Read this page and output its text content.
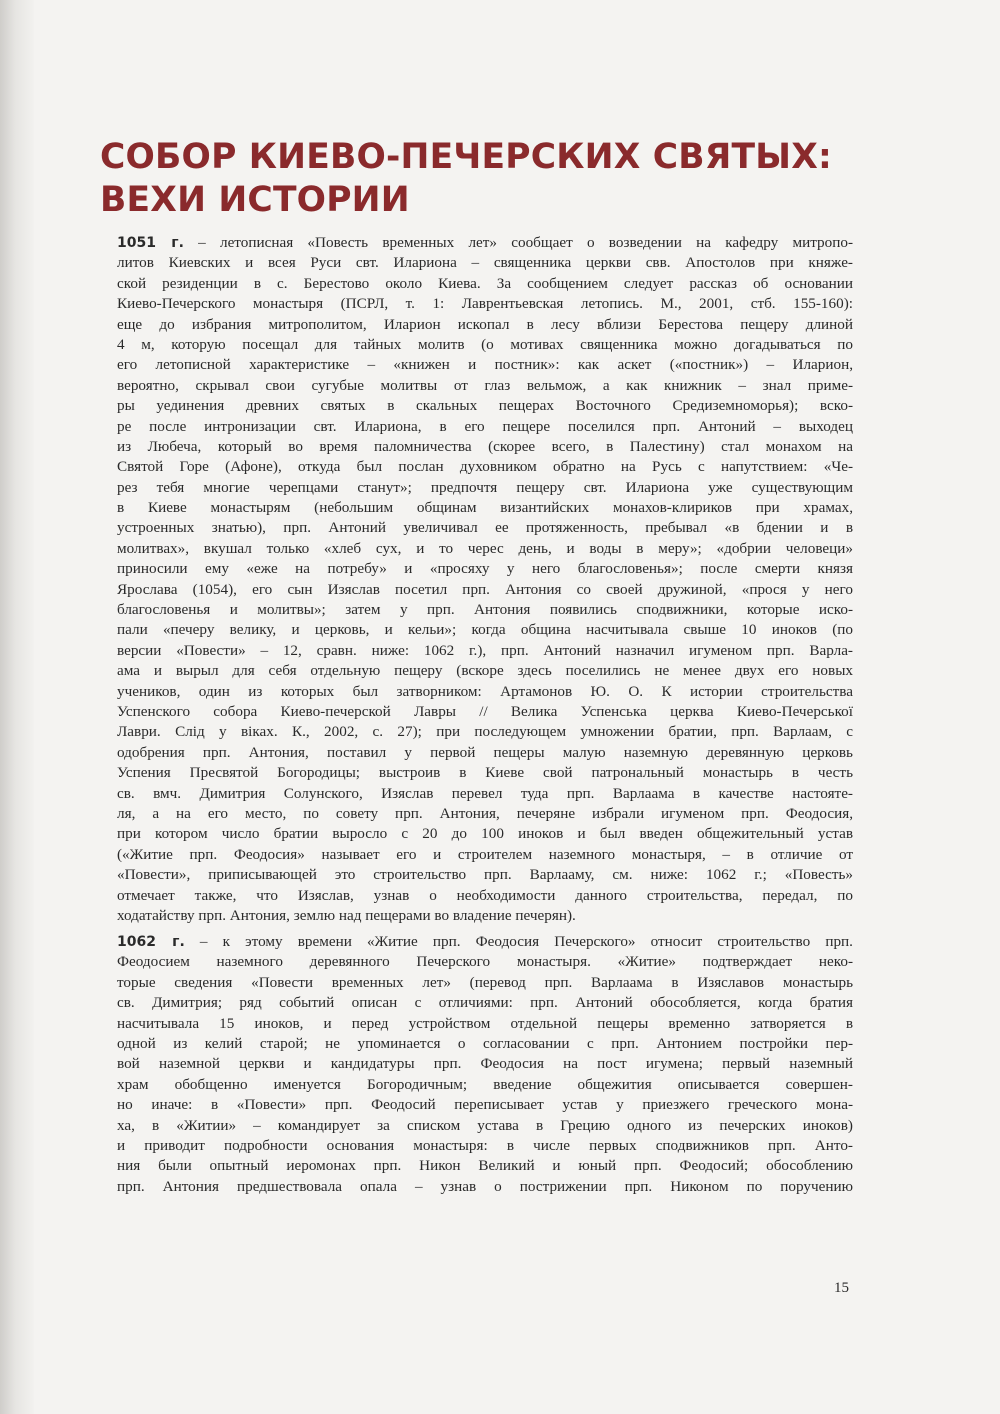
СОБОР КИЕВО-ПЕЧЕРСКИХ СВЯТЫХ:
ВЕХИ ИСТОРИИ
1051 г. – летописная «Повесть временных лет» сообщает о возведении на кафедру митропо-
литов Киевских и всея Руси свт. Илариона – священника церкви свв. Апостолов при княже-
ской резиденции в с. Берестово около Киева. За сообщением следует рассказ об основании
Киево-Печерского монастыря (ПСРЛ, т. 1: Лаврентьевская летопись. М., 2001, стб. 155-160):
еще до избрания митрополитом, Иларион ископал в лесу вблизи Берестова пещеру длиной
4 м, которую посещал для тайных молитв (о мотивах священника можно догадываться по
его летописной характеристике – «книжен и постник»: как аскет («постник») – Иларион,
вероятно, скрывал свои сугубые молитвы от глаз вельмож, а как книжник – знал приме-
ры уединения древних святых в скальных пещерах Восточного Средиземноморья); вско-
ре после интронизации свт. Илариона, в его пещере поселился прп. Антоний – выходец
из Любеча, который во время паломничества (скорее всего, в Палестину) стал монахом на
Святой Горе (Афоне), откуда был послан духовником обратно на Русь с напутствием: «Че-
рез тебя многие черепцами станут»; предпочтя пещеру свт. Илариона уже существующим
в Киеве монастырям (небольшим общинам византийских монахов-клириков при храмах,
устроенных знатью), прп. Антоний увеличивал ее протяженность, пребывал «в бдении и в
молитвах», вкушал только «хлеб сух, и то черес день, и воды в меру»; «добрии человеци»
приносили ему «еже на потребу» и «просяху у него благословенья»; после смерти князя
Ярослава (1054), его сын Изяслав посетил прп. Антония со своей дружиной, «прося у него
благословенья и молитвы»; затем у прп. Антония появились сподвижники, которые иско-
пали «печеру велику, и церковь, и кельи»; когда община насчитывала свыше 10 иноков (по
версии «Повести» – 12, сравн. ниже: 1062 г.), прп. Антоний назначил игуменом прп. Варла-
ама и вырыл для себя отдельную пещеру (вскоре здесь поселились не менее двух его новых
учеников, один из которых был затворником: Артамонов Ю. О. К истории строительства
Успенского собора Киево-печерской Лавры // Велика Успенська церква Киево-Печерської
Лаври. Слід у віках. К., 2002, с. 27); при последующем умножении братии, прп. Варлаам, с
одобрения прп. Антония, поставил у первой пещеры малую наземную деревянную церковь
Успения Пресвятой Богородицы; выстроив в Киеве свой патрональный монастырь в честь
св. вмч. Димитрия Солунского, Изяслав перевел туда прп. Варлаама в качестве настояте-
ля, а на его место, по совету прп. Антония, печеряне избрали игуменом прп. Феодосия,
при котором число братии выросло с 20 до 100 иноков и был введен общежительный устав
(«Житие прп. Феодосия» называет его и строителем наземного монастыря, – в отличие от
«Повести», приписывающей это строительство прп. Варлааму, см. ниже: 1062 г.; «Повесть»
отмечает также, что Изяслав, узнав о необходимости данного строительства, передал, по
ходатайству прп. Антония, землю над пещерами во владение печерян).
1062 г. – к этому времени «Житие прп. Феодосия Печерского» относит строительство прп.
Феодосием наземного деревянного Печерского монастыря. «Житие» подтверждает неко-
торые сведения «Повести временных лет» (перевод прп. Варлаама в Изяславов монастырь
св. Димитрия; ряд событий описан с отличиями: прп. Антоний обособляется, когда братия
насчитывала 15 иноков, и перед устройством отдельной пещеры временно затворяется в
одной из келий старой; не упоминается о согласовании с прп. Антонием постройки пер-
вой наземной церкви и кандидатуры прп. Феодосия на пост игумена; первый наземный
храм обобщенно именуется Богородичным; введение общежития описывается совершен-
но иначе: в «Повести» прп. Феодосий переписывает устав у приезжего греческого мона-
ха, в «Житии» – командирует за списком устава в Грецию одного из печерских иноков)
и приводит подробности основания монастыря: в числе первых сподвижников прп. Анто-
ния были опытный иеромонах прп. Никон Великий и юный прп. Феодосий; обособлению
прп. Антония предшествовала опала – узнав о пострижении прп. Никоном по поручению
15
